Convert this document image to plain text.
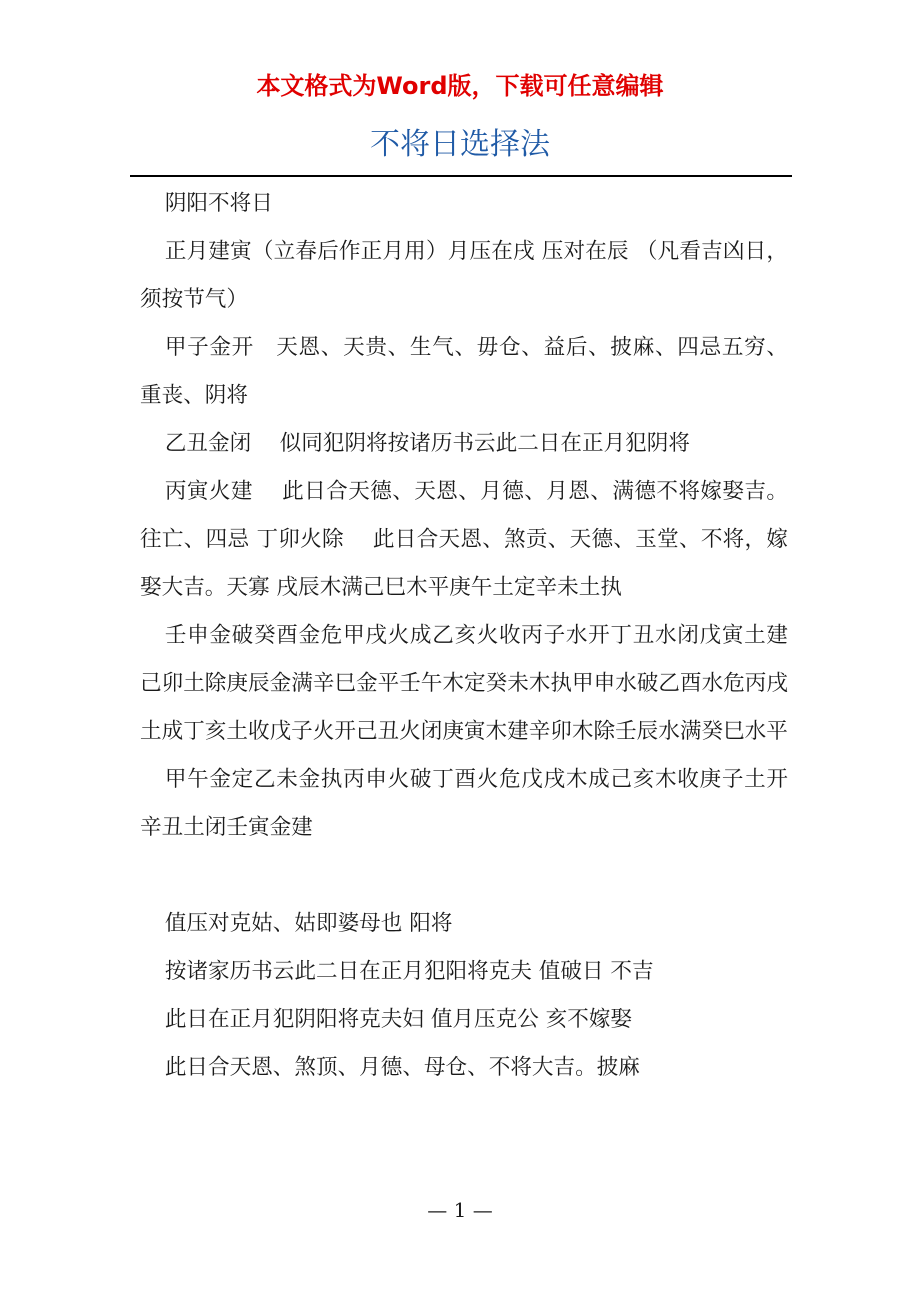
本文格式为Word版，下载可任意编辑
不将日选择法

阴阳不将日

正月建寅（立春后作正月用）月压在戌 压对在辰 （凡看吉凶日，须按节气）

甲子金开　天恩、天贵、生气、毋仓、益后、披麻、四忌五穷、重丧、阴将

乙丑金闭　 似同犯阴将按诸历书云此二日在正月犯阴将

丙寅火建　 此日合天德、天恩、月德、月恩、满德不将嫁娶吉。往亡、四忌 丁卯火除　 此日合天恩、煞贡、天德、玉堂、不将，嫁娶大吉。天寡 戌辰木满己巳木平庚午土定辛未土执

壬申金破癸酉金危甲戌火成乙亥火收丙子水开丁丑水闭戊寅土建己卯土除庚辰金满辛巳金平壬午木定癸未木执甲申水破乙酉水危丙戌土成丁亥土收戊子火开己丑火闭庚寅木建辛卯木除壬辰水满癸巳水平

甲午金定乙未金执丙申火破丁酉火危戊戌木成己亥木收庚子土开辛丑土闭壬寅金建

值压对克姑、姑即婆母也 阳将

按诸家历书云此二日在正月犯阳将克夫 值破日 不吉

此日在正月犯阴阳将克夫妇 值月压克公 亥不嫁娶

此日合天恩、煞顶、月德、母仓、不将大吉。披麻

— 1 —
